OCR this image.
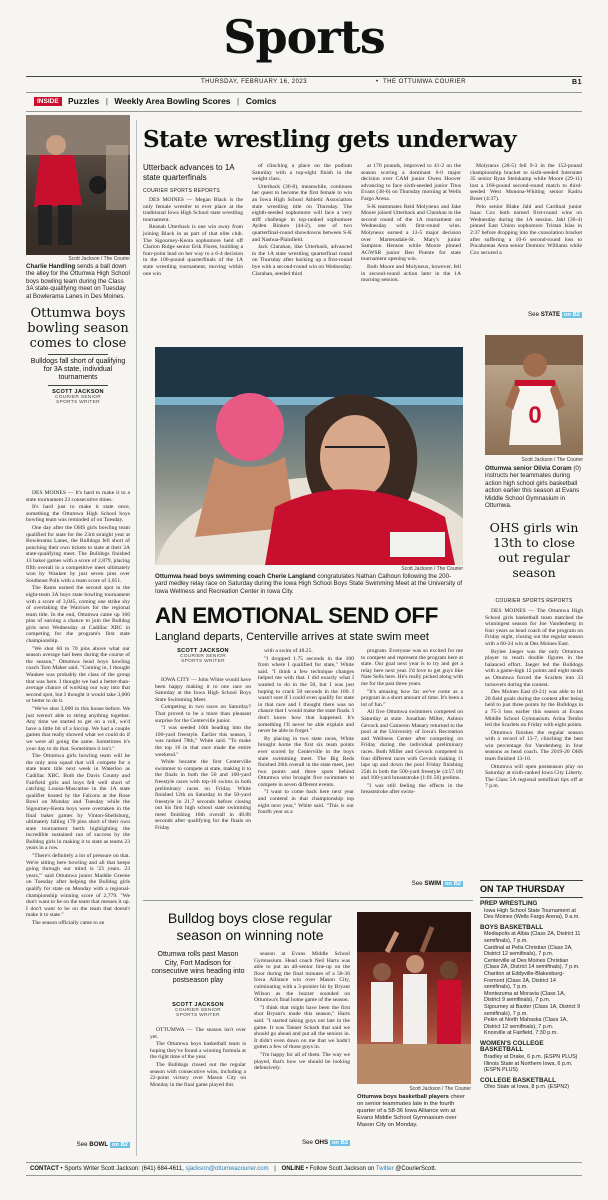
Sports
THURSDAY, FEBRUARY 16, 2023	• THE OTTUMWA COURIER	B1
INSIDE	Puzzles | Weekly Area Bowling Scores | Comics
Scott Jackson / The Courier
Charlie Handling sends a ball down the alley for the Ottumwa High School boys bowling team during the Class 3A state-qualifying meet on Tuesday at Bowlerama Lanes in Des Moines.
Ottumwa boys bowling season comes to close
Bulldogs fall short of qualifying for 3A state, individual tournaments
SCOTT JACKSON
COURIER SENIOR
SPORTS WRITER

DES MOINES — It's hard to make it to a state tournament 23 consecutive times.

It's hard just to make it state once, something the Ottumwa High School boys bowling team was reminded of on Tuesday.

One day after the OHS girls bowling team qualified for state for the 23rd straight year at Bowlerama Lanes, the Bulldogs fell short of punching their own tickets to state at their 3A state-qualifying meet. The Bulldogs finished 13 baker games with a score of 2,879, placing fifth overall in a competitive meet ultimately won by Waukee by just seven pins over Southeast Polk with a team score of 3,051.

The Rams earned the second spot in the eight-team 3A boys state bowling tournament with a score of 3,045, coming one strike shy of overtaking the Warriors for the regional team title. In the end, Ottumwa came up 166 pins of earning a chance to join the Bulldog girls next Wednesday at Cadillac XBC in competing for the program's first state championship.

"We shot 60 to 70 pins above what our season average had been during the course of the season," Ottumwa head boys bowling coach Tom Maher said. "Coming in, I thought Waukee was probably the class of the group that was here. I thought we had a better-than-average chance of working our way into that second spot, but I thought it would take 3,000 or better to do it.

"We've shot 3,000 in this house before. We just weren't able to string anything together. Any time we started to get on a roll, we'd have a little bit of a hiccup. We had a couple games that really showed what we could do if we were all going the same. Sometimes it's your day to do that. Sometimes it isn't."

The Ottumwa girls bowling team will be the only area squad that will compete for a state team title next week in Waterloo as Cadillac XBC. Both the Davis County and Fairfield girls and boys fell well short of catching Louisa-Muscatine in the 1A state qualifier hosted by the Falcons at the Rose Bowl on Monday and Tuesday while the Sigourney-Keota boys were overtaken in the final baker games by Vinton-Shellsburg, ultimately falling 170 pins short of their own state tournament berth highlighting the incredible sustained run of success by the Bulldog girls in making it to state as teams 23 years in a row.

"There's definitely a lot of pressure on that. We're sitting here bowling and all that keeps going through our mind is '23 years. 23 years,'" said Ottumwa junior Maddie Greene on Tuesday after helping the Bulldog girls qualify for state on Monday with a regional-championship winning score of 2,779. "We don't want to be on the team that messes it up. I don't want to be on the team that doesn't make it to state."

The season officially came to an

See BOWL on B2
State wrestling gets underway
Utterback advances to 1A state quarterfinals
COURIER SPORTS REPORTS

DES MOINES — Megan Black is the only female wrestler to ever place at the traditional Iowa High School state wrestling tournament.

Reanah Utterback is one win away from joining Black in as part of that elite club. The Sigourney-Keota sophomore held off Clarion Ridge senior Erik Flores, building a four-point lead on her way to a 6-4 decision in the 106-pound quarterfinals of the 1A state wrestling tournament, moving within one win

of clinching a place on the podium Saturday with a top-eight finish in the weight class.

Utterback (36-8), meanwhile, continues her quest to become the first female to win an Iowa High School Athletic Association state wrestling title on Thursday. The eighth-seeded sophomore will face a very stiff challenge in top-ranked sophomore Ayden Rinken (44-2), one of two quarterfinal-round showdowns between S-K and Nashua-Plainfield.

Jack Clarahan, like Utterback, advanced to the 1A state wrestling quarterfinal round on Thursday after backing up a first-round bye with a second-round win on Wednesday. Clarahan, seeded third

at 170 pounds, improved to 41-2 on the season scoring a dominant 6-0 major decision over CAM junior Owen Hoover advancing to face sixth-seeded junior Titus Evans (38-6) on Thursday morning at Wells Fargo Arena.

S-K teammates Reid Molyneux and Jake Moore joined Utterback and Clarahan in the second round of the 1A tournament on Wednesday with first-round wins. Molyneux earned a 13-5 major decision over Martensdale-St. Mary's junior Sampson Henson while Moore pinned AGWSR junior Ben Puente for state tournament opening win.

Both Moore and Molyneux, however, fell in second-round action later in the 1A morning session.

Molyneux (28-5) fell 9-3 in the 152-pound championship bracket to sixth-seeded Interstate 35 senior Ryan Steinkamp while Moore (29-11) lost a 160-pound second-round match to third-seeded West Monona-Whiting senior Kadru Broer (4:37).

Pelo senior Blake Jahl and Cardinal junior Isaac Cox both earned first-round wins on Wednesday during the 1A session. Jahl (36-4) pinned East Union sophomore Tristan Islas in 2:37 before dropping into the consolation bracket after suffering a 10-6 second-round loss to Pocahontas Area senior Dominic Williams while Cox secured a

See STATE on B2
Scott Jackson / The Courier
Ottumwa head boys swimming coach Cherie Langland congratulates Nathan Calhoun following the 200-yard medley relay race on Saturday during the Iowa High School Boys State Swimming Meet at the University of Iowa Wellness and Recreation Center in Iowa City.
AN EMOTIONAL SEND OFF
Langland departs, Centerville arrives at state swim meet
SCOTT JACKSON
COURIER SENIOR
SPORTS WRITER

IOWA CITY — John White would have been happy making it to one race on Saturday at the Iowa High School Boys State Swimming Meet.

Competing in two races on Saturday? That proved to be a more than pleasant surprise for the Centerville junior.

"I was seeded 16th heading into the 100-yard freestyle. Earlier this season, I was ranked 78th," White said. "To make the top 16 in that race made the entire weekend."

White became the first Centerville swimmer to compete at state, making it to the finals in both the 50 and 100-yard freestyle races with top-16 swims in both preliminary races on Friday. White finished 12th on Saturday in the 50-yard freestyle in 21.7 seconds before closing out his first high school state swimming meet finishing 16th overall in 48.86 seconds after qualifying for the finals on Friday

with a swim of 48.25.

"I dropped 1.75 seconds in the 100 from where I qualified for state," White said. "I think a few technique changes helped me with that. I did exactly what I wanted to do in the 50, but I was just hoping to crack 50 seconds in the 100. I wasn't sure if I could even qualify for state in that race and I thought there was no chance that I would make the state finals. I don't know how that happened. It's something I'll never be able explain and never be able to forget."

By placing in two state races, White brought home the first six team points ever scored by Centerville in the boys state swimming meet. The Big Reds finished 26th overall in the state meet, just two points and three spots behind Ottumwa who brought five swimmers to compete in seven different events.

"I want to come back here next year and contend in that championship top eight next year," White said. "This is our fourth year as a

program. Everyone was so excited for me to compete and represent the program here at state. Our goal next year is to try and get a relay here next year. I'd love to get guys like Nate Sells here. He's really picked along with me for the past three years.

"It's amazing how far we've come as a program in a short amount of time. It's been a lot of fun."

All five Ottumwa swimmers competed on Saturday at state. Jonathan Miller, Ashton Gevock and Cameron Manary returned to the pool at the University of Iowa's Recreation and Wellness Center after competing on Friday during the individual preliminary races. Both Miller and Gevock competed in four different races with Gevock making 11 laps up and down the pool Friday finishing 25th in both the 500-yard freestyle (4:57.18) and 100-yard breaststroke (1:01.56) prelims.

"I was still feeling the effects in the breaststroke after swim-

See SWIM on B2
0
Scott Jackson / The Courier
Ottumwa senior Olivia Coram (0) instructs her teammates during action high school girls basketball action earlier this season at Evans Middle School Gymnasium in Ottumwa.
OHS girls win 13th to close out regular season
COURIER SPORTS REPORTS

DES MOINES — The Ottumwa High School girls basketball team matched the winningest season for Joe Vandenberg in four years as head coach of the program on Friday night, closing out the regular season with a 60-24 win at Des Moines East.

Brylee Jaeger was the only Ottumwa player to reach double figures in the balanced effort. Jaeger led the Bulldogs with a game-high 12 points and eight steals as Ottumwa forced the Scarlets into 33 turnovers during the contest.

Des Moines East (0-21) was able to hit 20 field goals during the contest after being held to just three points by the Bulldogs in a 75-3 loss earlier this season at Evans Middle School Gymnasium. Arina Tembo led the Scarlets on Friday with eight points.

Ottumwa finishes the regular season with a record of 13-7, clinching the best win percentage for Vandenberg in four seasons as head coach. The 2019-20 OHS team finished 13-10.

Ottumwa will open postseason play on Saturday at sixth-ranked Iowa City Liberty. The Class 5A regional semifinal tips off at 7 p.m.

Bulldog boys close regular season on winning note
Ottumwa rolls past Mason City, Fort Madison for consecutive wins heading into postseason play
SCOTT JACKSON
COURIER SENIOR
SPORTS WRITER

OTTUMWA — The season isn't over yet.

The Ottumwa boys basketball team is hoping they've found a winning formula at the right time of the year.

The Bulldogs closed out the regular season with consecutive wins, including a 22-point victory over Mason City on Monday in the final game played this

season at Evans Middle School Gymnasium. Head coach Neil Harts was able to put an all-senior line-up on the floor during the final minutes of a 58-36 Iowa Alliance win over Mason City, culminating with a 3-pointer hit by Bryant Wilson as the buzzer sounded on Ottumwa's final home game of the season.

"I think that might have been the first shot Bryant's made this season," Harts said. "I started taking guys out late in the game. It was Tanner Schark that said we should go ahead and put all the seniors in. It didn't even dawn on me that we hadn't gotten a few of those guys in.

"I'm happy for all of them. The way we played, that's how we should be looking defensively.

See OHS on B3
Scott Jackson / The Courier
Ottumwa boys basketball players cheer on senior teammates late in the fourth quarter of a 58-36 Iowa Alliance win at Evans Middle School Gymnasium over Mason City on Monday.
ON TAP THURSDAY
PREP WRESTLING
Iowa High School State Tournament at Des Moines (Wells Fargo Arena), 9 a.m.
BOYS BASKETBALL
Mediapolis at Albia (Class 2A, District 11 semifinals), 7 p.m.
Cardinal at Pella Christian (Class 2A, District 12 semifinals), 7 p.m.
Centerville at Des Moines Christian (Class 2A, District 14 semifinals), 7 p.m.
Chariton at Eddyville-Blakesburg-Fremont (Class 2A, District 14 semifinals), 7 p.m.
Montezuma at Moravia (Class 1A, District 9 semifinals), 7 p.m.
Sigourney at Baxter (Class 1A, District 9 semifinals), 7 p.m.
Pekin at North Mahaska (Class 1A, District 12 semifinals), 7 p.m.
Knoxville at Fairfield, 7:30 p.m.
WOMEN'S COLLEGE BASKETBALL
Bradley at Drake, 6 p.m. (ESPN PLUS)
Illinois State at Northern Iowa, 6 p.m. (ESPN PLUS)
COLLEGE BASKETBALL
Ohio State at Iowa, 8 p.m. (ESPN2)
CONTACT • Sports Writer Scott Jackson: (641) 684-4611, sjackson@ottumwacourier.com | ONLINE • Follow Scott Jackson on Twitter @CourierScott.
